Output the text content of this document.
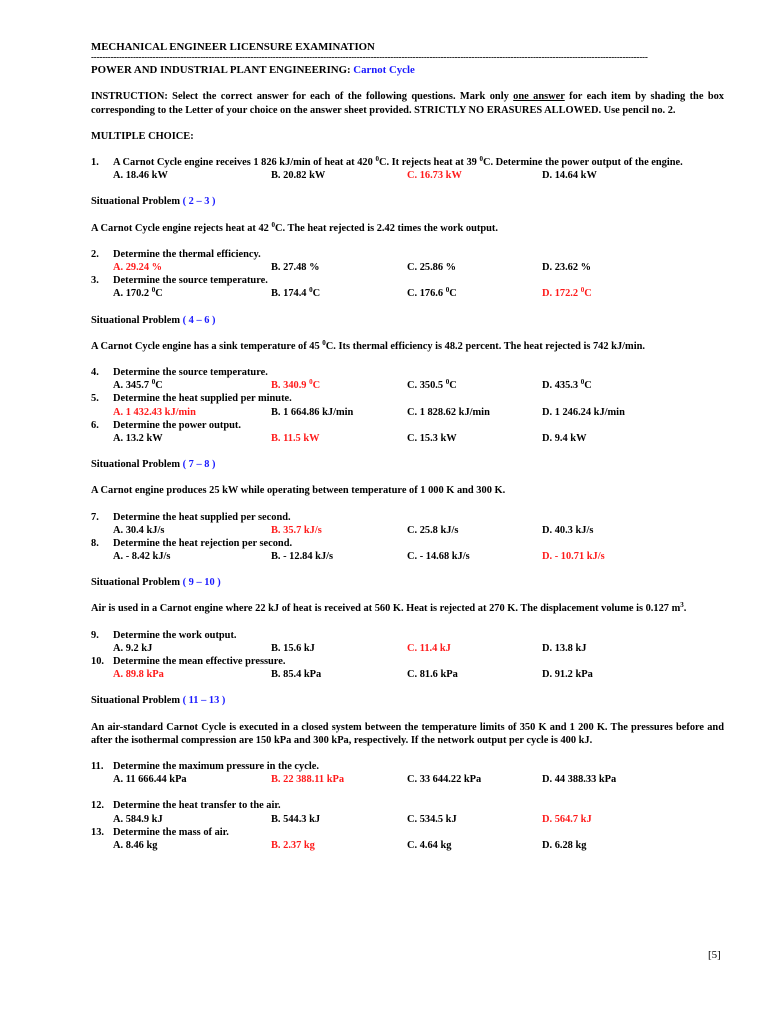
MECHANICAL ENGINEER LICENSURE EXAMINATION
-------------------------------------------------------------------------------------------------------------------------------------------------------------------------------------------------------
POWER AND INDUSTRIAL PLANT ENGINEERING: Carnot Cycle
INSTRUCTION: Select the correct answer for each of the following questions. Mark only one answer for each item by shading the box corresponding to the Letter of your choice on the answer sheet provided. STRICTLY NO ERASURES ALLOWED. Use pencil no. 2.
MULTIPLE CHOICE:
1. A Carnot Cycle engine receives 1 826 kJ/min of heat at 420 $^0$C. It rejects heat at 39 $^0$C. Determine the power output of the engine.
A. 18.46 kW	B. 20.82 kW	C. 16.73 kW	D. 14.64 kW
Situational Problem ( 2 – 3 )
A Carnot Cycle engine rejects heat at 42 $^0$C. The heat rejected is 2.42 times the work output.
2. Determine the thermal efficiency.
A. 29.24 %	B. 27.48 %	C. 25.86 %	D. 23.62 %
3. Determine the source temperature.
A. 170.2 $^0$C	B. 174.4 $^0$C	C. 176.6 $^0$C	D. 172.2 $^0$C
Situational Problem ( 4 – 6 )
A Carnot Cycle engine has a sink temperature of 45 $^0$C. Its thermal efficiency is 48.2 percent. The heat rejected is 742 kJ/min.
4. Determine the source temperature.
A. 345.7 $^0$C	B. 340.9 $^0$C	C. 350.5 $^0$C	D. 435.3 $^0$C
5. Determine the heat supplied per minute.
A. 1 432.43 kJ/min	B. 1 664.86 kJ/min	C. 1 828.62 kJ/min	D. 1 246.24 kJ/min
6. Determine the power output.
A. 13.2 kW	B. 11.5 kW	C. 15.3 kW	D. 9.4 kW
Situational Problem ( 7 – 8 )
A Carnot engine produces 25 kW while operating between temperature of 1 000 K and 300 K.
7. Determine the heat supplied per second.
A. 30.4 kJ/s	B. 35.7 kJ/s	C. 25.8 kJ/s	D. 40.3 kJ/s
8. Determine the heat rejection per second.
A. - 8.42 kJ/s	B. - 12.84 kJ/s	C. - 14.68 kJ/s	D. - 10.71 kJ/s
Situational Problem ( 9 – 10 )
Air is used in a Carnot engine where 22 kJ of heat is received at 560 K. Heat is rejected at 270 K. The displacement volume is 0.127 $m^3$.
9. Determine the work output.
A. 9.2 kJ	B. 15.6 kJ	C. 11.4 kJ	D. 13.8 kJ
10. Determine the mean effective pressure.
A. 89.8 kPa	B. 85.4 kPa	C. 81.6 kPa	D. 91.2 kPa
Situational Problem ( 11 – 13 )
An air-standard Carnot Cycle is executed in a closed system between the temperature limits of 350 K and 1 200 K. The pressures before and after the isothermal compression are 150 kPa and 300 kPa, respectively. If the network output per cycle is 400 kJ.
11. Determine the maximum pressure in the cycle.
A. 11 666.44 kPa	B. 22 388.11 kPa	C. 33 644.22 kPa	D. 44 388.33 kPa
12. Determine the heat transfer to the air.
A. 584.9 kJ	B. 544.3 kJ	C. 534.5 kJ	D. 564.7 kJ
13. Determine the mass of air.
A. 8.46 kg	B. 2.37 kg	C. 4.64 kg	D. 6.28 kg
[5]
